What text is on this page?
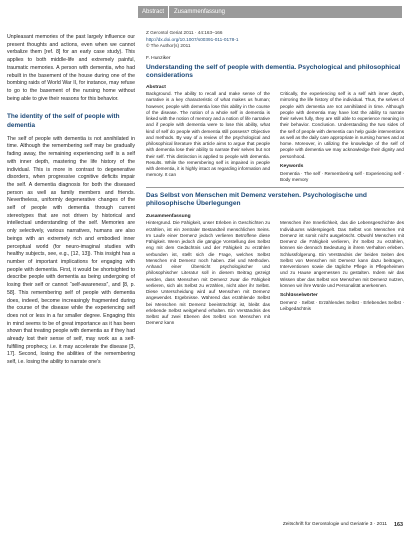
Unpleasant memories of the past largely influence our present thoughts and actions, even when we cannot verbalize them [ref. 8] for an early case study). This applies to both middle-life and extremely painful, traumatic memories. A person with dementia, who had rebuilt in the basement of the house during one of the bombing raids of World War II, for instance, may refuse to go to the basement of the nursing home without being able to give their reasons for this behavior.

The identity of the self of people with dementia

The self of people with dementia is not annihilated in time. Although the remembering self may be gradually fading away, the remaining experiencing self is a self with inner depth, mastering the life history of the individual. This is more in contrast to degenerative disorders, when progressive cognitive deficits impair the self. A dementia diagnosis for both the diseased person as well as family members and friends. Nevertheless, uniformly degenerative changes of the self of people with dementia through current stereotypes that are not driven by historical and intellectual understanding of the self. Memories are only selectively, various narratives, humans are also beings with an extremely rich and embodied inner perceptual world (for neuro-imaginal studies with healthy subjects, see, e.g., [12, 13]). This insight has a number of important implications for engaging with people with dementia. First, it would be shortsighted to describe people with dementia as being undergoing of losing their self or cannot “self-awareness”, and [8, p. 58]. This remembering self of people with dementia does, indeed, become increasingly fragmented during the course of the disease while the experiencing self does not or less in a far smaller degree. Engaging this in mind seems to be of great importance as it has been shown that treating people with dementia as if they had already lost their sense of self, may work as a self-fulfilling prophecy, i.e. it may accelerate the disease [3, 17]. Second, losing the abilities of the remembering self, i.e. losing the ability to narrate one’s

Abstract Zusammenfassung
Z Gerontol Geriat 2011 · 44:163–166
http://dx.doi.org/10.1007/s00391-011-0178-1
© The Author(s) 2011
F. Hunziker
Understanding the self of people with dementia. Psychological and philosophical considerations
Abstract

Background. The ability to recall and make sense of the narrative is a key characteristic of what makes us human; however, people with dementia lose this ability in the course of the disease. The notion of a whole self in dementia is linked with the notion of memory and a notion of life narrative and if people with dementia were to lose this ability, what kind of self do people with dementia still possess? Objective and methods. By way of a review of the psychological and philosophical literature this article aims to argue that people with dementia lose their ability to narrate their selves but not their self. This distinction is applied to people with dementia. Results. While the remembering self is impaired in people with dementia, it is highly intact as regarding information and memory. It can

Critically, the experiencing self is a self with inner depth, mirroring the life history of the individual. Thus, the selves of people with dementia are not annihilated in time. Although people with dementia may have lost the ability to narrate their selves fully, they are still able to experience meaning in their behavior. Conclusion. Understanding the two sides of the self of people with dementia can help guide interventions as well as the daily care appropriate in nursing homes and at home. Moreover, in utilizing the knowledge of the self of people with dementia we may acknowledge their dignity and personhood.

Keywords

Dementia · The self · Remembering self · Experiencing self · Body memory

Das Selbst von Menschen mit Demenz verstehen. Psychologische und philosophische Überlegungen
Zusammenfassung

Hintergrund. Die Fähigkeit, unser Erleben in Geschichten zu erzählen, ist ein zentraler Bestandteil menschlichen Seins. Im Laufe einer Demenz jedoch verlieren Betroffene diese Fähigkeit. Wenn jedoch die gängige Vorstellung des Selbst eng mit dem Gedächtnis und der Fähigkeit zu erzählen verbunden ist, stellt sich die Frage, welches Selbst Menschen mit Demenz noch haben. Ziel und Methoden. Anhand einer Übersicht psychologischer und philosophischer Literatur soll in diesem Beitrag gezeigt werden, dass Menschen mit Demenz zwar die Fähigkeit verlieren, sich als Selbst zu erzählen, nicht aber ihr Selbst. Diese Unterscheidung wird auf Menschen mit Demenz angewendet. Ergebnisse. Während das erzählende Selbst bei Menschen mit Demenz beeinträchtigt ist, bleibt das erlebende Selbst weitgehend erhalten. Ein Verständnis des Selbst auf zwei Ebenen des Selbst von Menschen mit Demenz kann

Menschen ihre Innerlichkeit, das die Lebensgeschichte des Individuums widerspiegelt. Das Selbst von Menschen mit Demenz ist somit nicht ausgelöscht. Obwohl Menschen mit Demenz die Fähigkeit verlieren, ihr Selbst zu erzählen, können sie dennoch Bedeutung in ihrem Verhalten erleben. Schlussfolgerung. Ein Verständnis der beiden Seiten des Selbst von Menschen mit Demenz kann dazu beitragen, Interventionen sowie die tägliche Pflege in Pflegeheimen und zu Hause angemessen zu gestalten. Indem wir das Wissen über das Selbst von Menschen mit Demenz nutzen, können wir ihre Würde und Personalität anerkennen.

Schlüsselwörter

Demenz · Selbst · Erzählendes Selbst · Erlebendes Selbst · Leibgedächtnis

Zeitschrift für Gerontologie und Geriatrie 3 · 2011 163
